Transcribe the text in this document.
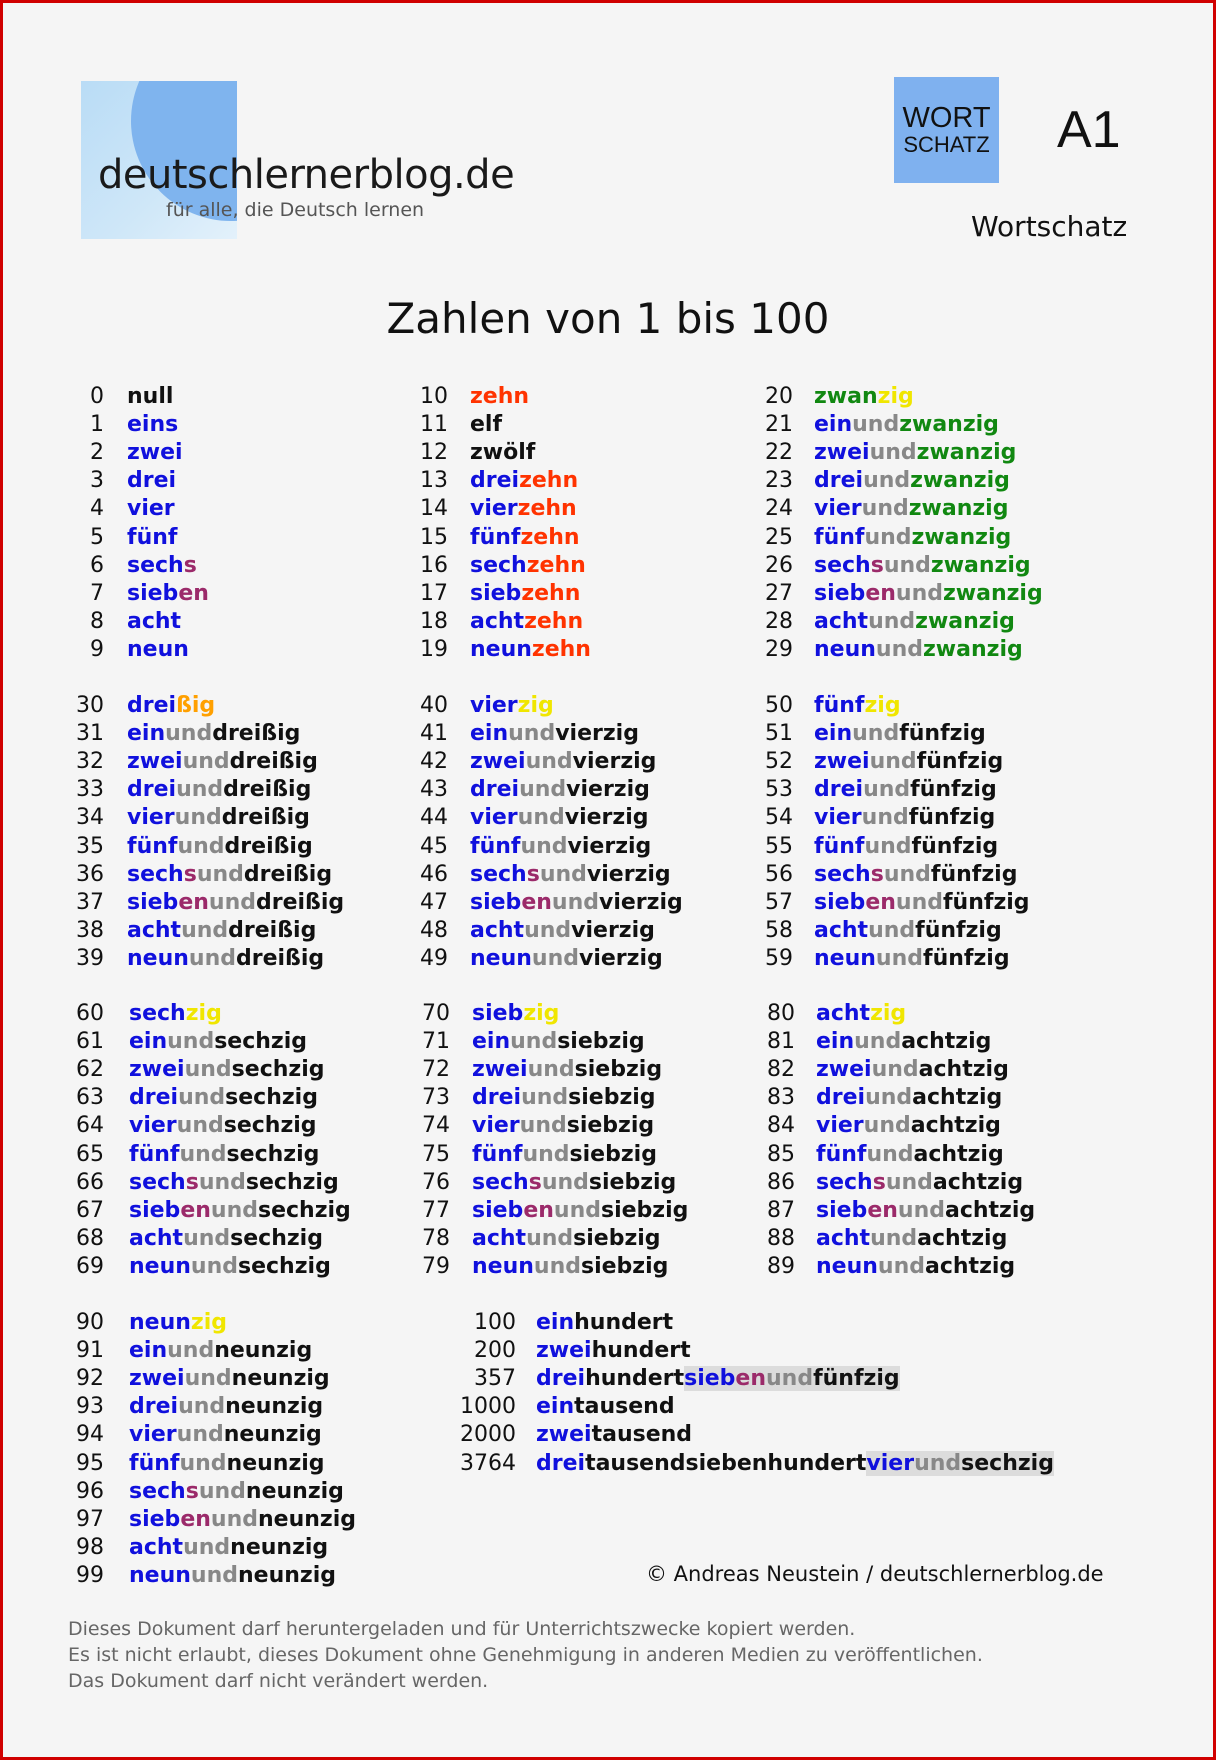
deutschlernerblog.de
für alle, die Deutsch lernen
WORT
SCHATZ A1
Wortschatz
Zahlen von 1 bis 100
0 null
1 eins
2 zwei
3 drei
4 vier
5 fünf
6 sechs
7 sieben
8 acht
9 neun
10 zehn
11 elf
12 zwölf
13 dreizehn
14 vierzehn
15 fünfzehn
16 sechzehn
17 siebzehn
18 achtzehn
19 neunzehn
20 zwanzig
21 einundzwanzig
22 zweiundzwanzig
23 dreiundzwanzig
24 vierundzwanzig
25 fünfundzwanzig
26 sechsundzwanzig
27 siebenundzwanzig
28 achtundzwanzig
29 neunundzwanzig
30 dreißig
31 einunddreißig
32 zweiunddreißig
33 dreiunddreißig
34 vierunddreißig
35 fünfunddreißig
36 sechsunddreißig
37 siebenunddreißig
38 achtunddreißig
39 neununddreißig
40 vierzig
41 einundvierzig
42 zweiundvierzig
43 dreiundvierzig
44 vierundvierzig
45 fünfundvierzig
46 sechsundvierzig
47 siebenundvierzig
48 achtundvierzig
49 neunundvierzig
50 fünfzig
51 einundfünfzig
52 zweiundfünfzig
53 dreiundfünfzig
54 vierundfünfzig
55 fünfundfünfzig
56 sechsundfünfzig
57 siebenundfünfzig
58 achtundfünfzig
59 neunundfünfzig
60 sechzig
61 einundsechzig
62 zweiundsechzig
63 dreiundsechzig
64 vierundsechzig
65 fünfundsechzig
66 sechsundsechzig
67 siebenundsechzig
68 achtundsechzig
69 neunundsechzig
70 siebzig
71 einundsiebzig
72 zweiundsiebzig
73 dreiundsiebzig
74 vierundsiebzig
75 fünfundsiebzig
76 sechsundsiebzig
77 siebenundsiebzig
78 achtundsiebzig
79 neunundsiebzig
80 achtzig
81 einundachtzig
82 zweiundachtzig
83 dreiundachtzig
84 vierundachtzig
85 fünfundachtzig
86 sechsundachtzig
87 siebenundachtzig
88 achtundachtzig
89 neunundachtzig
90 neunzig
91 einundneunzig
92 zweiundneunzig
93 dreiundneunzig
94 vierundneunzig
95 fünfundneunzig
96 sechsundneunzig
97 siebenundneunzig
98 achtundneunzig
99 neunundneunzig
100 einhundert
200 zweihundert
357 dreihundertsiebenundfünfzig
1000 eintausend
2000 zweitausend
3764 dreitausendsiebenhundertvierundsechzig
© Andreas Neustein / deutschlernerblog.de
Dieses Dokument darf heruntergeladen und für Unterrichtszwecke kopiert werden.
Es ist nicht erlaubt, dieses Dokument ohne Genehmigung in anderen Medien zu veröffentlichen.
Das Dokument darf nicht verändert werden.
